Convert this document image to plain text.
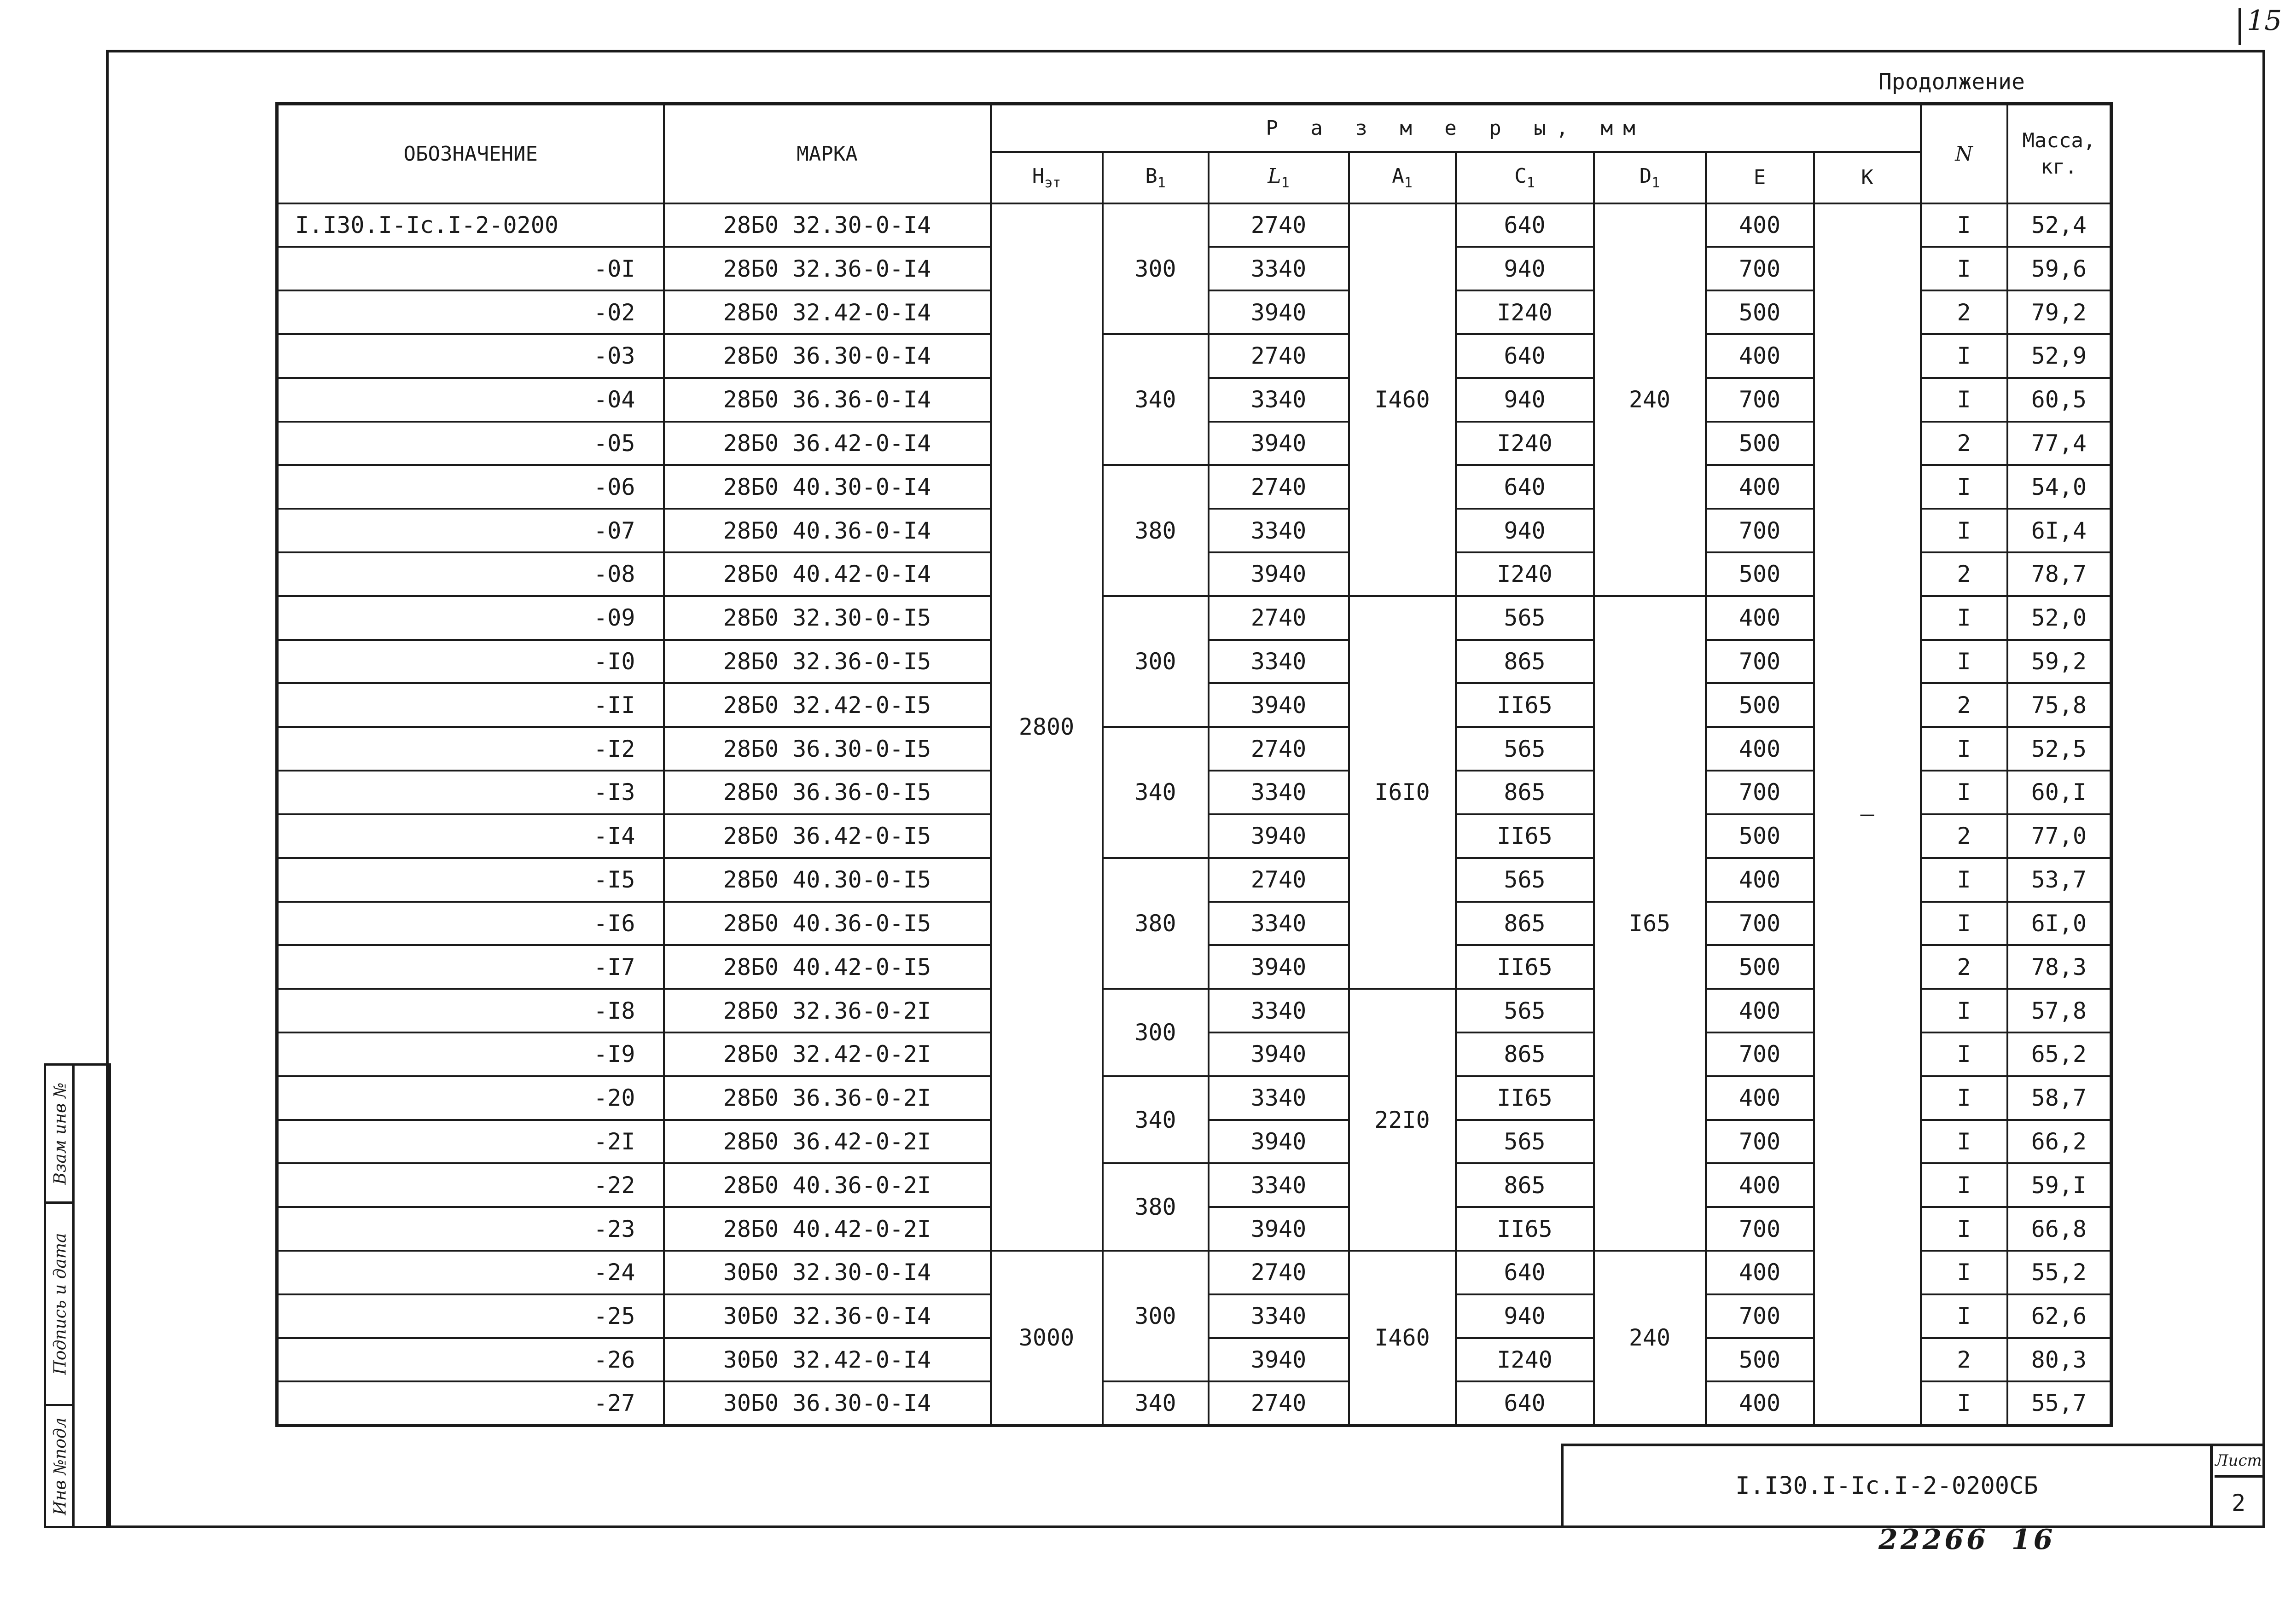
15
Продолжение
Взам инв №
Подпись и дата
Инв №подл
ОБОЗНАЧЕНИЕ	МАРКА	Р а з м е р ы, мм								N	Масса, кг.
		$Н_{эт}$	$В_1$	$L_1$	$А_1$	$С_1$	$D_1$	Е	К		
I.I30.I-Ic.I-2-0200	28Б0 32.30-0-I4	2800	300	2740	I460	640	240	400	–	I	52,4
-0I	28Б0 32.36-0-I4			3340		940		700		I	59,6
-02	28Б0 32.42-0-I4			3940		I240		500		2	79,2
-03	28Б0 36.30-0-I4		340	2740		640		400		I	52,9
-04	28Б0 36.36-0-I4			3340		940		700		I	60,5
-05	28Б0 36.42-0-I4			3940		I240		500		2	77,4
-06	28Б0 40.30-0-I4		380	2740		640		400		I	54,0
-07	28Б0 40.36-0-I4			3340		940		700		I	6I,4
-08	28Б0 40.42-0-I4			3940		I240		500		2	78,7
-09	28Б0 32.30-0-I5		300	2740	I6I0	565	I65	400		I	52,0
-I0	28Б0 32.36-0-I5			3340		865		700		I	59,2
-II	28Б0 32.42-0-I5			3940		II65		500		2	75,8
-I2	28Б0 36.30-0-I5		340	2740		565		400		I	52,5
-I3	28Б0 36.36-0-I5			3340		865		700		I	60,I
-I4	28Б0 36.42-0-I5			3940		II65		500		2	77,0
-I5	28Б0 40.30-0-I5		380	2740		565		400		I	53,7
-I6	28Б0 40.36-0-I5			3340		865		700		I	6I,0
-I7	28Б0 40.42-0-I5			3940		II65		500		2	78,3
-I8	28Б0 32.36-0-2I		300	3340	22I0	565		400		I	57,8
-I9	28Б0 32.42-0-2I			3940		865		700		I	65,2
-20	28Б0 36.36-0-2I		340	3340		II65		400		I	58,7
-2I	28Б0 36.42-0-2I			3940		565		700		I	66,2
-22	28Б0 40.36-0-2I		380	3340		865		400		I	59,I
-23	28Б0 40.42-0-2I			3940		II65		700		I	66,8
-24	30Б0 32.30-0-I4	3000	300	2740	I460	640	240	400		I	55,2
-25	30Б0 32.36-0-I4			3340		940		700		I	62,6
-26	30Б0 32.42-0-I4			3940		I240		500		2	80,3
-27	30Б0 36.30-0-I4		340	2740		640		400		I	55,7
I.I30.I-Ic.I-2-0200СБ
Лист
2
22266 16
